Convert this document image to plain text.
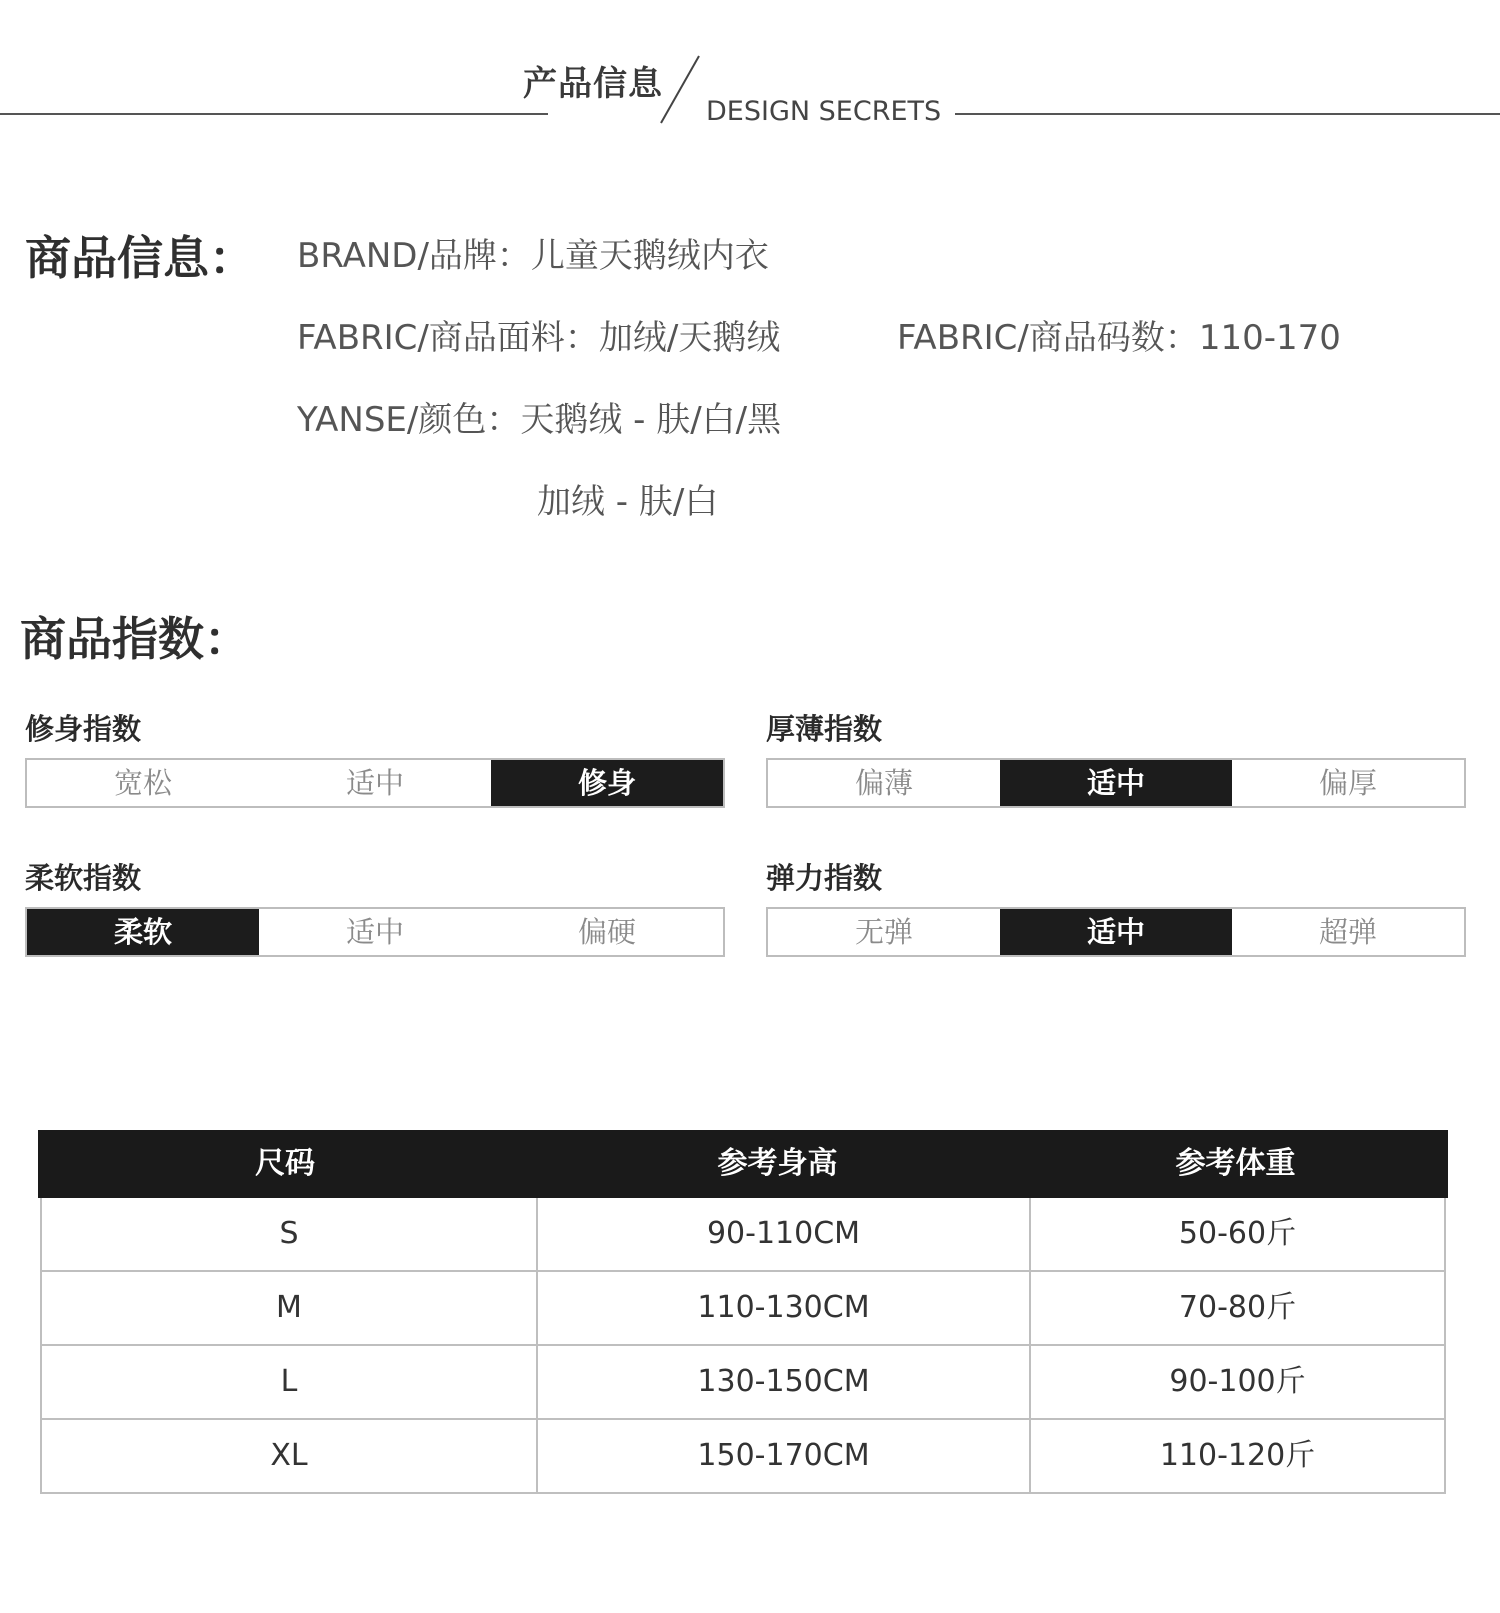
产品信息
DESIGN SECRETS
商品信息： BRAND/品牌：儿童天鹅绒内衣
FABRIC/商品面料：加绒/天鹅绒	FABRIC/商品码数：110-170
YANSE/颜色：天鹅绒 - 肤/白/黑
加绒 - 肤/白
商品指数：
修身指数
宽松	适中	修身
厚薄指数
偏薄	适中	偏厚
柔软指数
柔软	适中	偏硬
弹力指数
无弹	适中	超弹
尺码	参考身高	参考体重
S	90-110CM	50-60斤
M	110-130CM	70-80斤
L	130-150CM	90-100斤
XL	150-170CM	110-120斤
